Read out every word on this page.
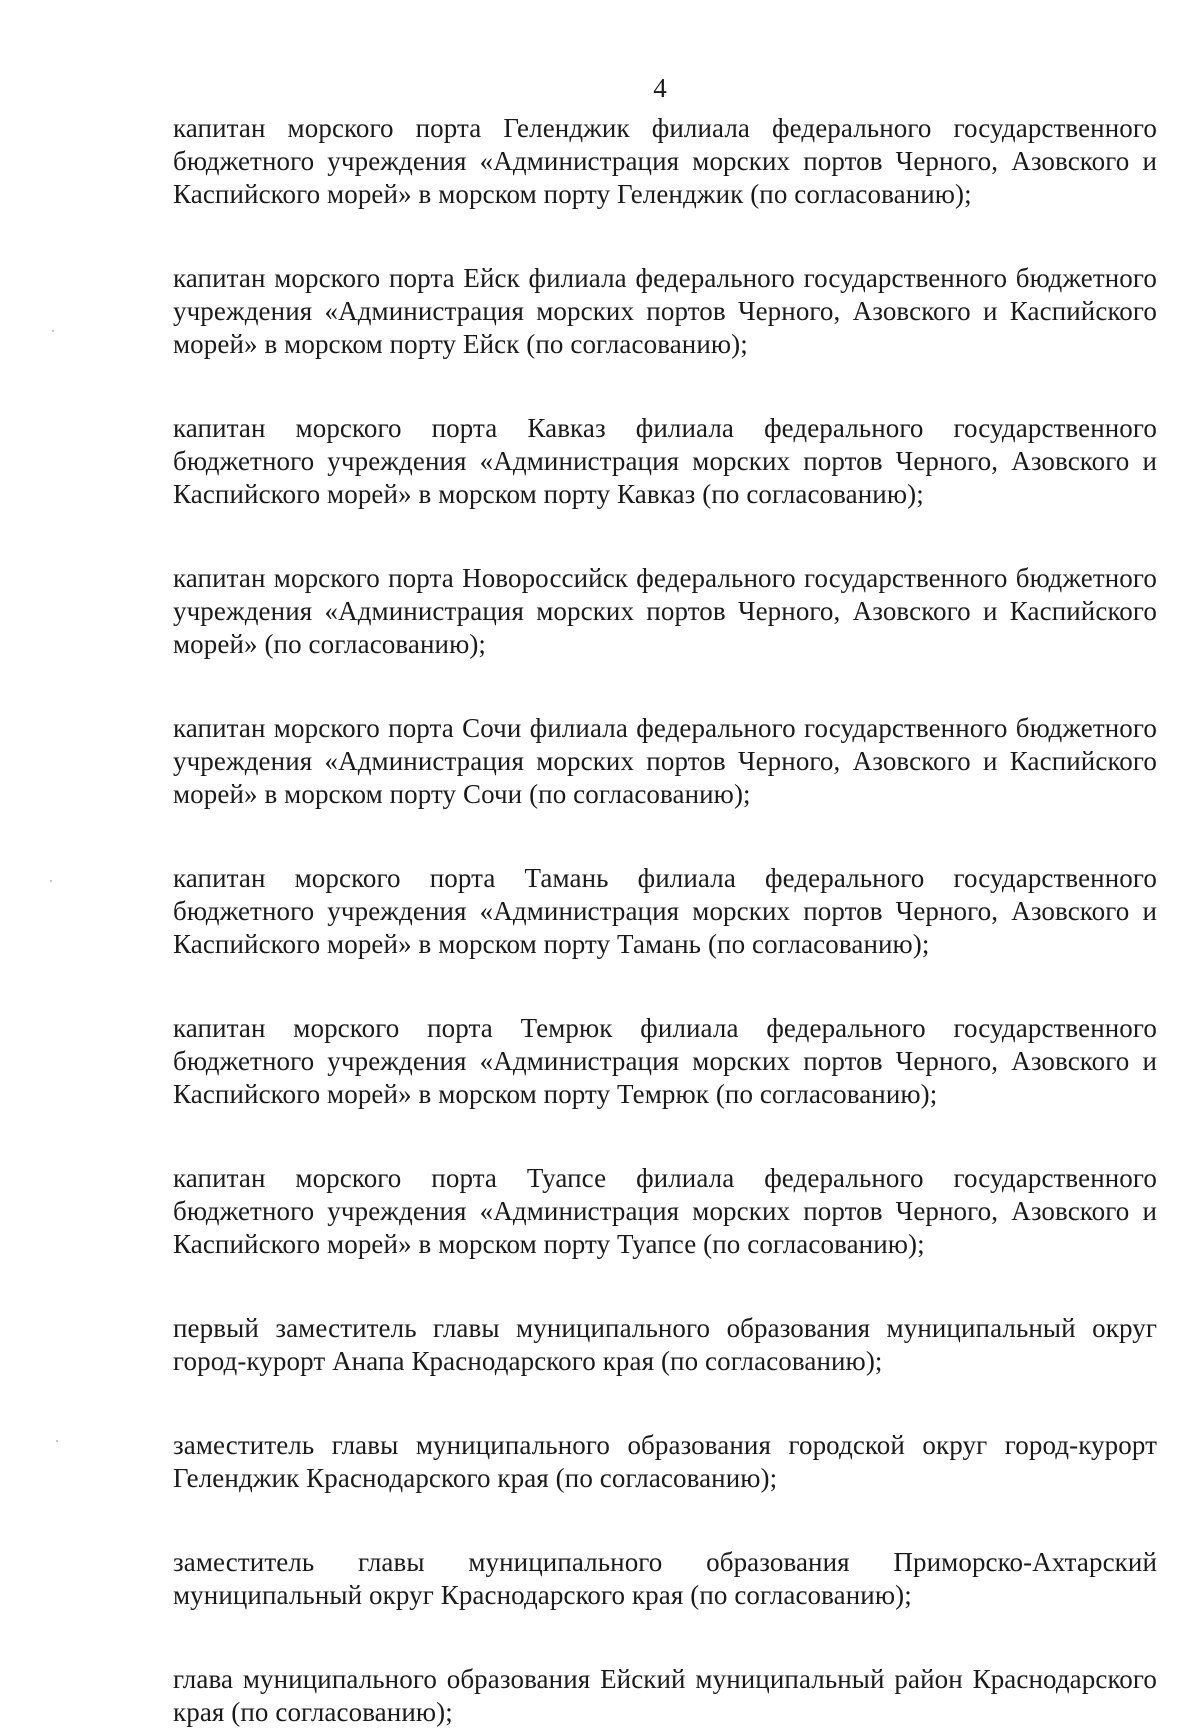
4

капитан морского порта Геленджик филиала федерального государственного бюджетного учреждения «Администрация морских портов Черного, Азовского и Каспийского морей» в морском порту Геленджик (по согласованию);

капитан морского порта Ейск филиала федерального государственного бюджетного учреждения «Администрация морских портов Черного, Азовского и Каспийского морей» в морском порту Ейск (по согласованию);

капитан морского порта Кавказ филиала федерального государственного бюджетного учреждения «Администрация морских портов Черного, Азовского и Каспийского морей» в морском порту Кавказ (по согласованию);

капитан морского порта Новороссийск федерального государственного бюджетного учреждения «Администрация морских портов Черного, Азовского и Каспийского морей» (по согласованию);

капитан морского порта Сочи филиала федерального государственного бюджетного учреждения «Администрация морских портов Черного, Азовского и Каспийского морей» в морском порту Сочи (по согласованию);

капитан морского порта Тамань филиала федерального государственного бюджетного учреждения «Администрация морских портов Черного, Азовского и Каспийского морей» в морском порту Тамань (по согласованию);

капитан морского порта Темрюк филиала федерального государственного бюджетного учреждения «Администрация морских портов Черного, Азовского и Каспийского морей» в морском порту Темрюк (по согласованию);

капитан морского порта Туапсе филиала федерального государственного бюджетного учреждения «Администрация морских портов Черного, Азовского и Каспийского морей» в морском порту Туапсе (по согласованию);

первый заместитель главы муниципального образования муниципальный округ город-курорт Анапа Краснодарского края (по согласованию);

заместитель главы муниципального образования городской округ город-курорт Геленджик Краснодарского края (по согласованию);

заместитель главы муниципального образования Приморско-Ахтарский муниципальный округ Краснодарского края (по согласованию);

глава муниципального образования Ейский муниципальный район Краснодарского края (по согласованию);
